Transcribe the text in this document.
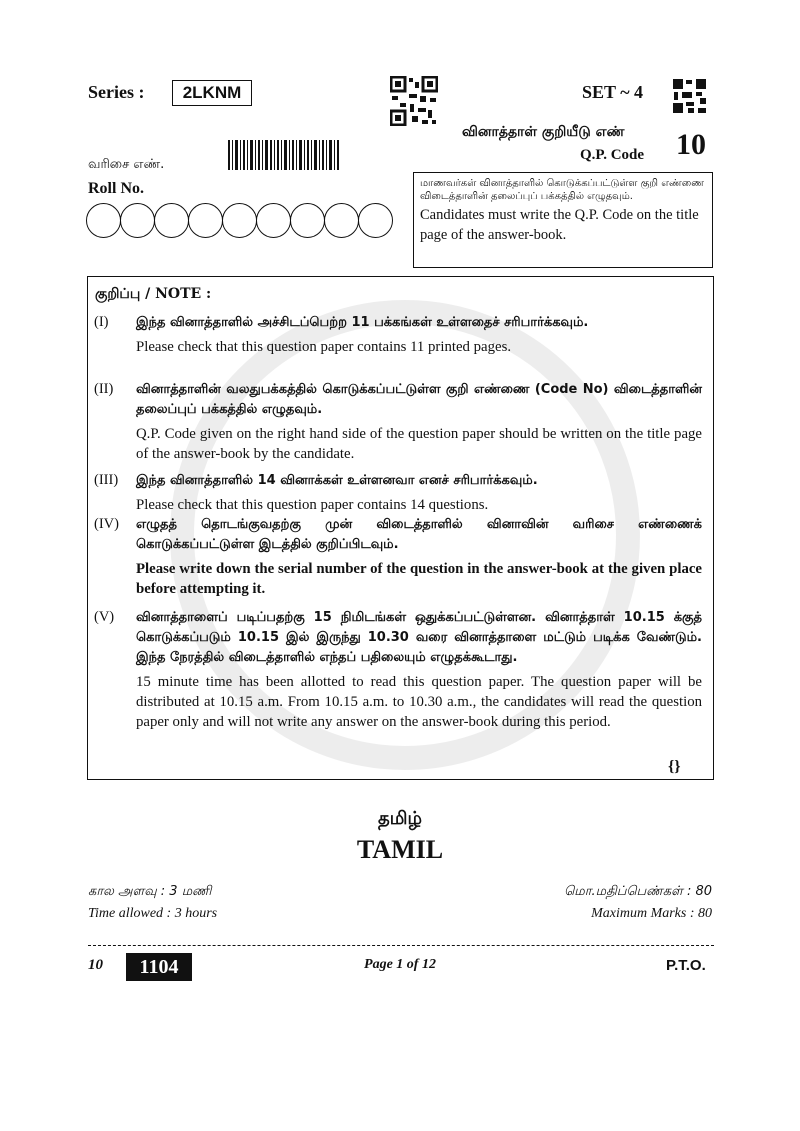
Series :	2LKNM	SET ~ 4
வினாத்தாள் குறியீடு எண்
Q.P. Code 10
வரிசை எண்.
Roll No.	மாணவர்கள் வினாத்தாளில் கொடுக்கப்பட்டுள்ள குறி எண்ணை விடைத்தாளின் தலைப்புப் பக்கத்தில் எழுதவும்.
Candidates must write the Q.P. Code on the title page of the answer-book.
குறிப்பு / NOTE :
(I) இந்த வினாத்தாளில் அச்சிடப்பெற்ற 11 பக்கங்கள் உள்ளதைச் சரிபார்க்கவும்.
Please check that this question paper contains 11 printed pages.
(II) வினாத்தாளின் வலதுபக்கத்தில் கொடுக்கப்பட்டுள்ள குறி எண்ணை (Code No) விடைத்தாளின் தலைப்புப் பக்கத்தில் எழுதவும்.
Q.P. Code given on the right hand side of the question paper should be written on the title page of the answer-book by the candidate.
(III) இந்த வினாத்தாளில் 14 வினாக்கள் உள்ளனவா எனச் சரிபார்க்கவும்.
Please check that this question paper contains 14 questions.
(IV) எழுதத் தொடங்குவதற்கு முன் விடைத்தாளில் வினாவின் வரிசை எண்ணைக் கொடுக்கப்பட்டுள்ள இடத்தில் குறிப்பிடவும்.
Please write down the serial number of the question in the answer-book at the given place before attempting it.
(V) வினாத்தாளைப் படிப்பதற்கு 15 நிமிடங்கள் ஒதுக்கப்பட்டுள்ளன. வினாத்தாள் 10.15 க்குத் கொடுக்கப்படும் 10.15 இல் இருந்து 10.30 வரை வினாத்தாளை மட்டும் படிக்க வேண்டும். இந்த நேரத்தில் விடைத்தாளில் எந்தப் பதிலையும் எழுதக்கூடாது.
15 minute time has been allotted to read this question paper. The question paper will be distributed at 10.15 a.m. From 10.15 a.m. to 10.30 a.m., the candidates will read the question paper only and will not write any answer on the answer-book during this period.
{}
தமிழ்
TAMIL
கால அளவு : 3 மணி
Time allowed : 3 hours
மொ.மதிப்பெண்கள் : 80
Maximum Marks : 80
10	1104	Page 1 of 12	P.T.O.
